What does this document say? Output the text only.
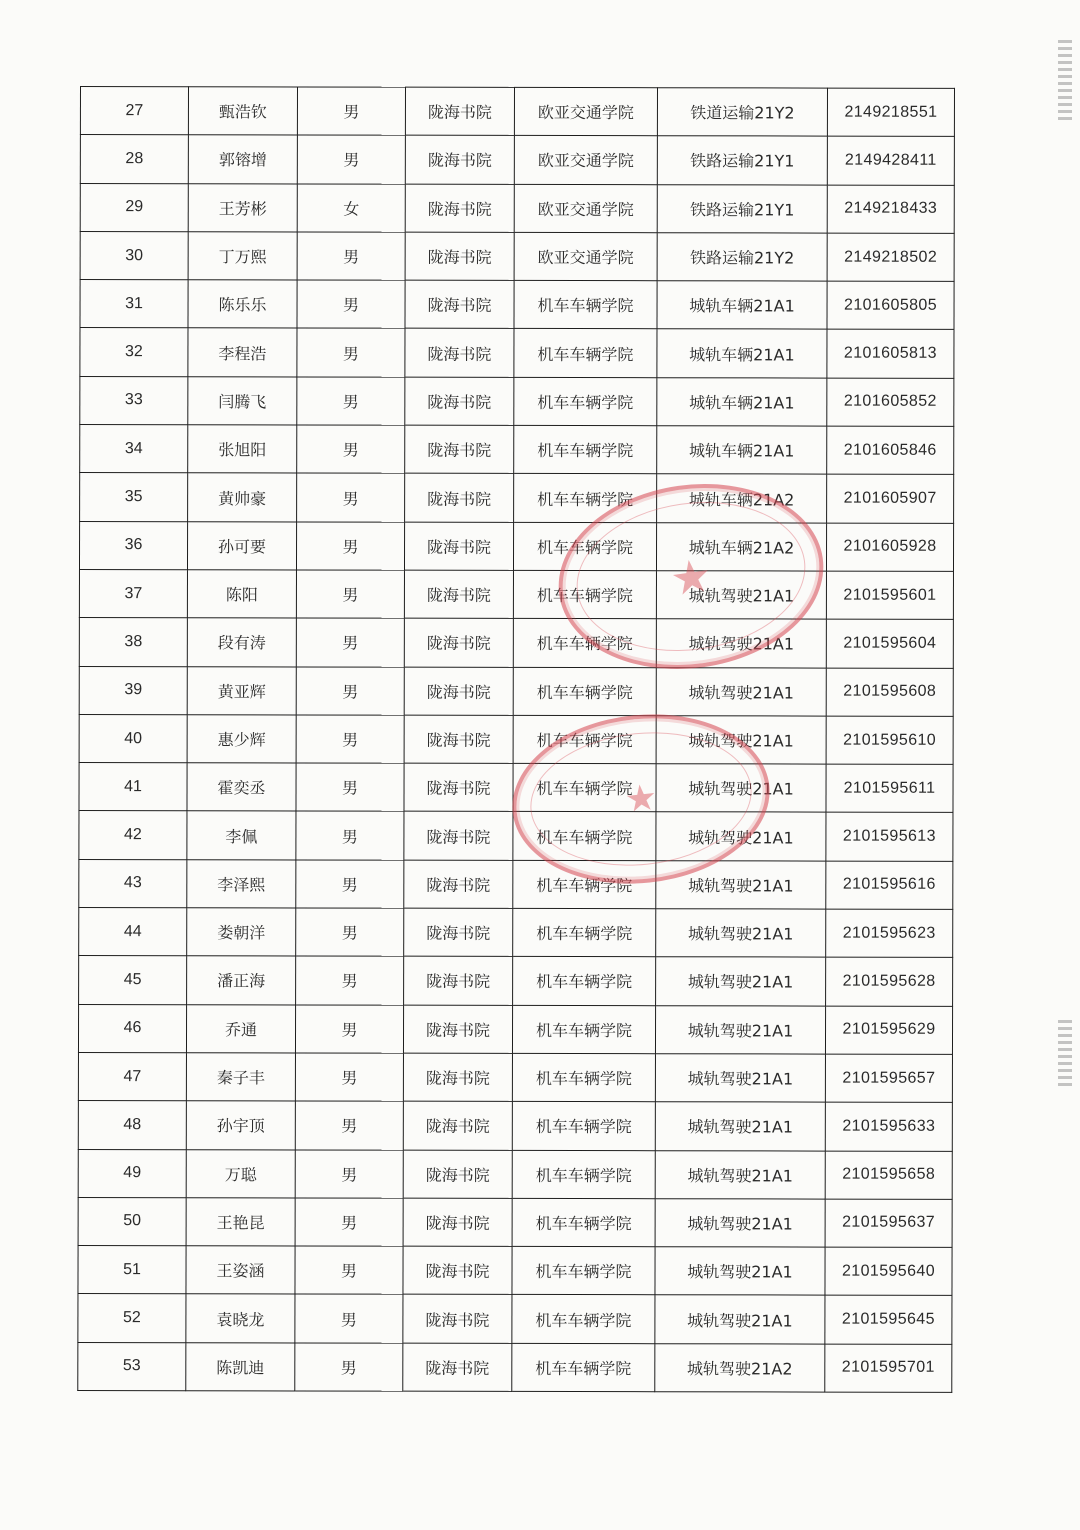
27	甄浩钦	男	陇海书院	欧亚交通学院	铁道运输21Y2	2149218551
28	郭镕增	男	陇海书院	欧亚交通学院	铁路运输21Y1	2149428411
29	王芳彬	女	陇海书院	欧亚交通学院	铁路运输21Y1	2149218433
30	丁万熙	男	陇海书院	欧亚交通学院	铁路运输21Y2	2149218502
31	陈乐乐	男	陇海书院	机车车辆学院	城轨车辆21A1	2101605805
32	李程浩	男	陇海书院	机车车辆学院	城轨车辆21A1	2101605813
33	闫腾飞	男	陇海书院	机车车辆学院	城轨车辆21A1	2101605852
34	张旭阳	男	陇海书院	机车车辆学院	城轨车辆21A1	2101605846
35	黄帅豪	男	陇海书院	机车车辆学院	城轨车辆21A2	2101605907
36	孙可要	男	陇海书院	机车车辆学院	城轨车辆21A2	2101605928
37	陈阳	男	陇海书院	机车车辆学院	城轨驾驶21A1	2101595601
38	段有涛	男	陇海书院	机车车辆学院	城轨驾驶21A1	2101595604
39	黄亚辉	男	陇海书院	机车车辆学院	城轨驾驶21A1	2101595608
40	惠少辉	男	陇海书院	机车车辆学院	城轨驾驶21A1	2101595610
41	霍奕丞	男	陇海书院	机车车辆学院	城轨驾驶21A1	2101595611
42	李佩	男	陇海书院	机车车辆学院	城轨驾驶21A1	2101595613
43	李泽熙	男	陇海书院	机车车辆学院	城轨驾驶21A1	2101595616
44	娄朝洋	男	陇海书院	机车车辆学院	城轨驾驶21A1	2101595623
45	潘正海	男	陇海书院	机车车辆学院	城轨驾驶21A1	2101595628
46	乔通	男	陇海书院	机车车辆学院	城轨驾驶21A1	2101595629
47	秦子丰	男	陇海书院	机车车辆学院	城轨驾驶21A1	2101595657
48	孙宇顶	男	陇海书院	机车车辆学院	城轨驾驶21A1	2101595633
49	万聪	男	陇海书院	机车车辆学院	城轨驾驶21A1	2101595658
50	王艳昆	男	陇海书院	机车车辆学院	城轨驾驶21A1	2101595637
51	王姿涵	男	陇海书院	机车车辆学院	城轨驾驶21A1	2101595640
52	袁晓龙	男	陇海书院	机车车辆学院	城轨驾驶21A1	2101595645
53	陈凯迪	男	陇海书院	机车车辆学院	城轨驾驶21A2	2101595701
★
★
